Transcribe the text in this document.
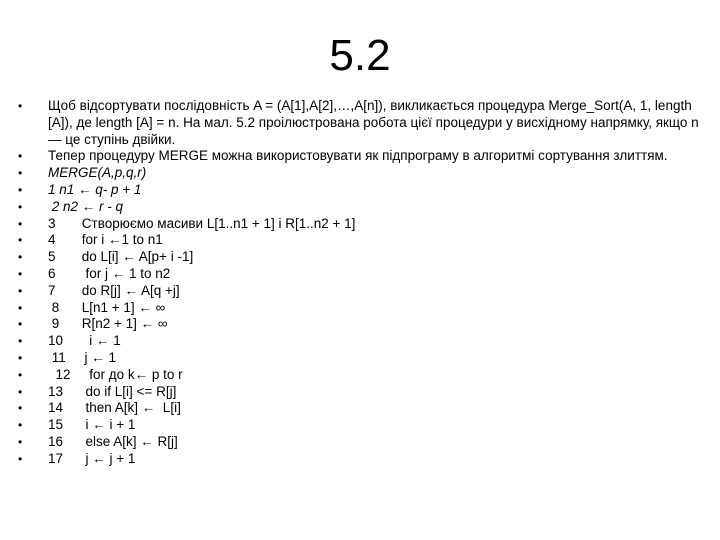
5.2
• Щоб відсортувати послідовність A = (A[1],A[2],…,A[n]), викликається процедура Merge_Sort(A, 1, length [A]), де length [A] = n. На мал. 5.2 проілюстрована робота цієї процедури у висхідному напрямку, якщо n — це ступінь двійки.
• Тепер процедуру MERGE можна використовувати як підпрограму в алгоритмі сортування злиттям.
• MERGE(A,p,q,r)
• 1 n1 ← q- p + 1
• 2 n2 ← r - q
• 3       Створюємо масиви L[1..n1 + 1] і R[1..n2 + 1]
• 4       for i ←1 to n1
• 5       do L[i] ← A[p+ i -1]
• 6        for j ← 1 to n2
• 7       do R[j] ← A[q +j]
• 8      L[n1 + 1] ← ∞
• 9      R[n2 + 1] ← ∞
• 10       i ← 1
• 11     j ← 1
• 12     for до k← p to r
• 13      do if L[i] <= R[j]
• 14      then A[k] ←  L[i]
• 15      i ← i + 1
• 16      else A[k] ← R[j]
• 17      j ← j + 1
